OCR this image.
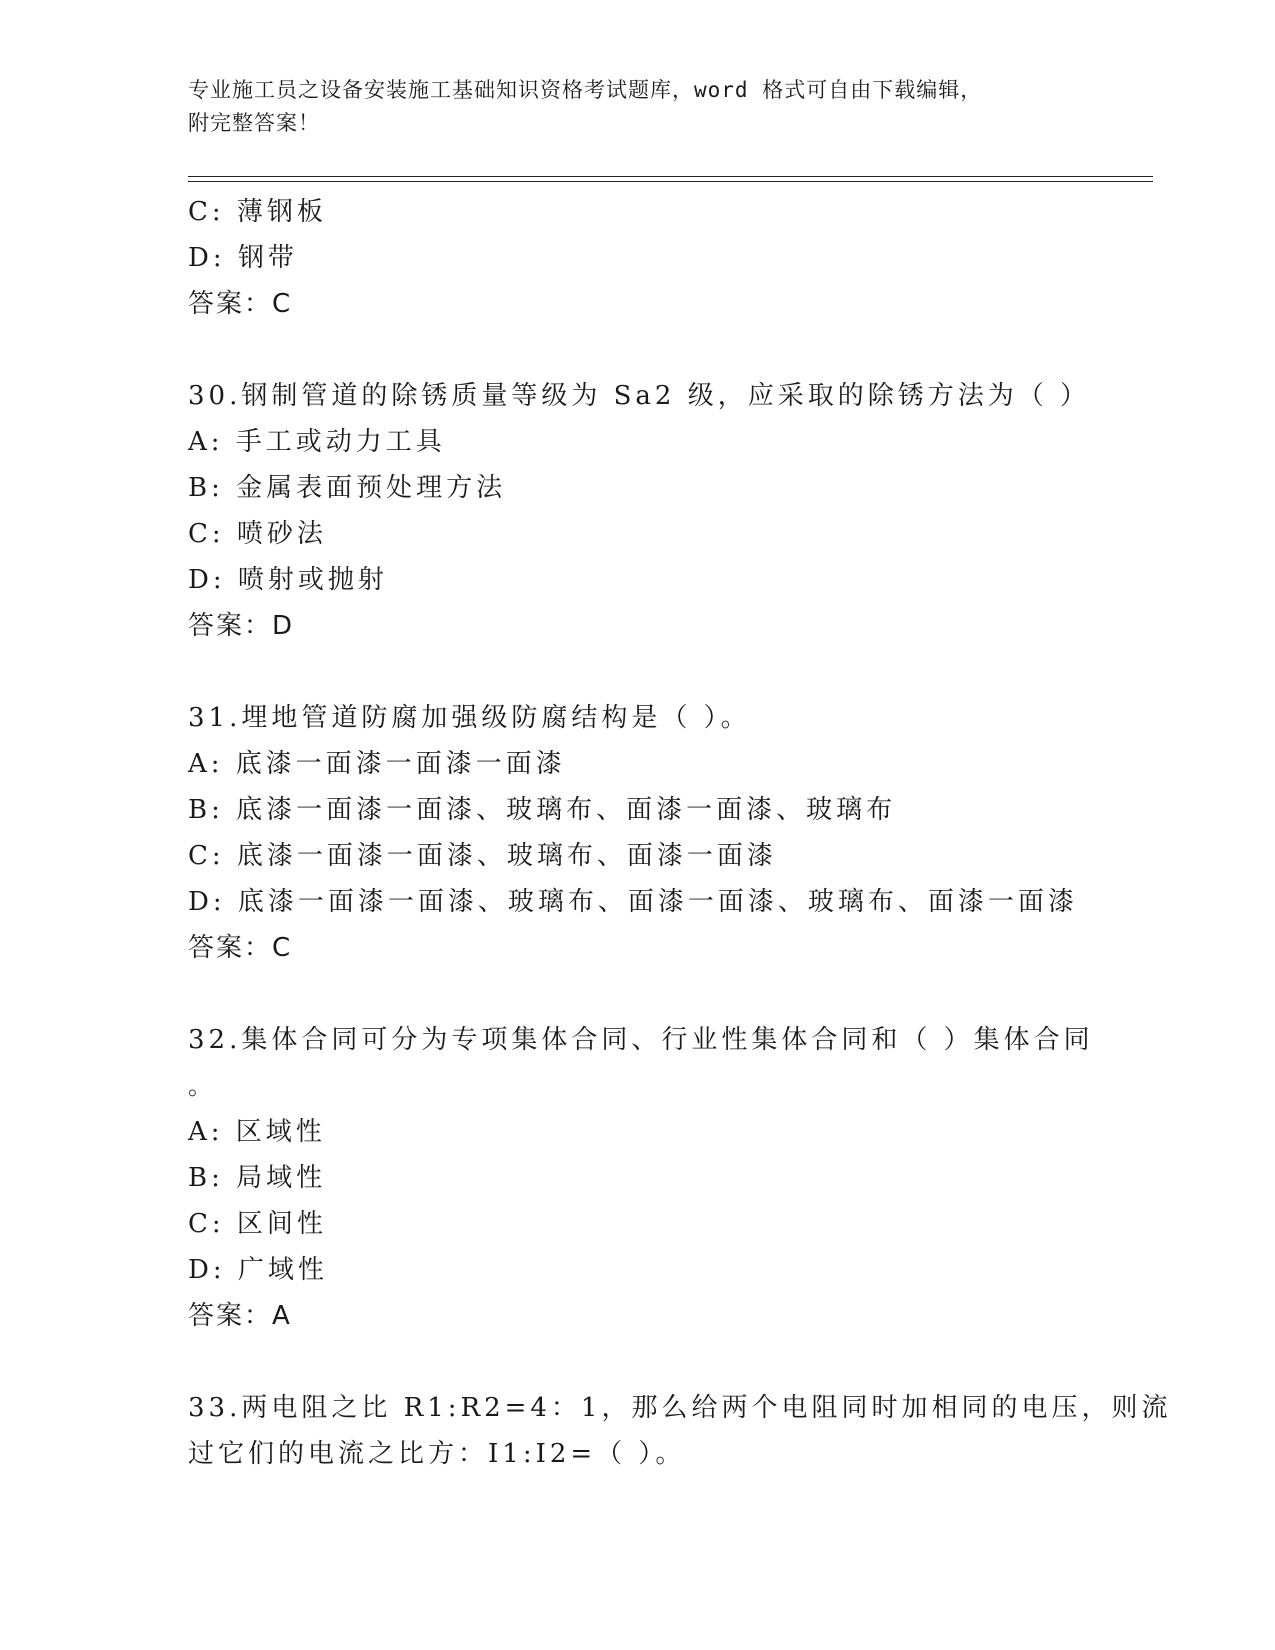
专业施工员之设备安装施工基础知识资格考试题库，word 格式可自由下载编辑，
附完整答案！
C: 薄钢板
D: 钢带
答案：C
30.钢制管道的除锈质量等级为 Sa2 级，应采取的除锈方法为（ ）
A: 手工或动力工具
B: 金属表面预处理方法
C: 喷砂法
D: 喷射或抛射
答案：D
31.埋地管道防腐加强级防腐结构是（ ）。
A: 底漆一面漆一面漆一面漆
B: 底漆一面漆一面漆、玻璃布、面漆一面漆、玻璃布
C: 底漆一面漆一面漆、玻璃布、面漆一面漆
D: 底漆一面漆一面漆、玻璃布、面漆一面漆、玻璃布、面漆一面漆
答案：C
32.集体合同可分为专项集体合同、行业性集体合同和（ ）集体合同
。
A: 区域性
B: 局域性
C: 区间性
D: 广域性
答案：A
33.两电阻之比 R1:R2=4：1，那么给两个电阻同时加相同的电压，则流
过它们的电流之比方：I1:I2=（ ）。
